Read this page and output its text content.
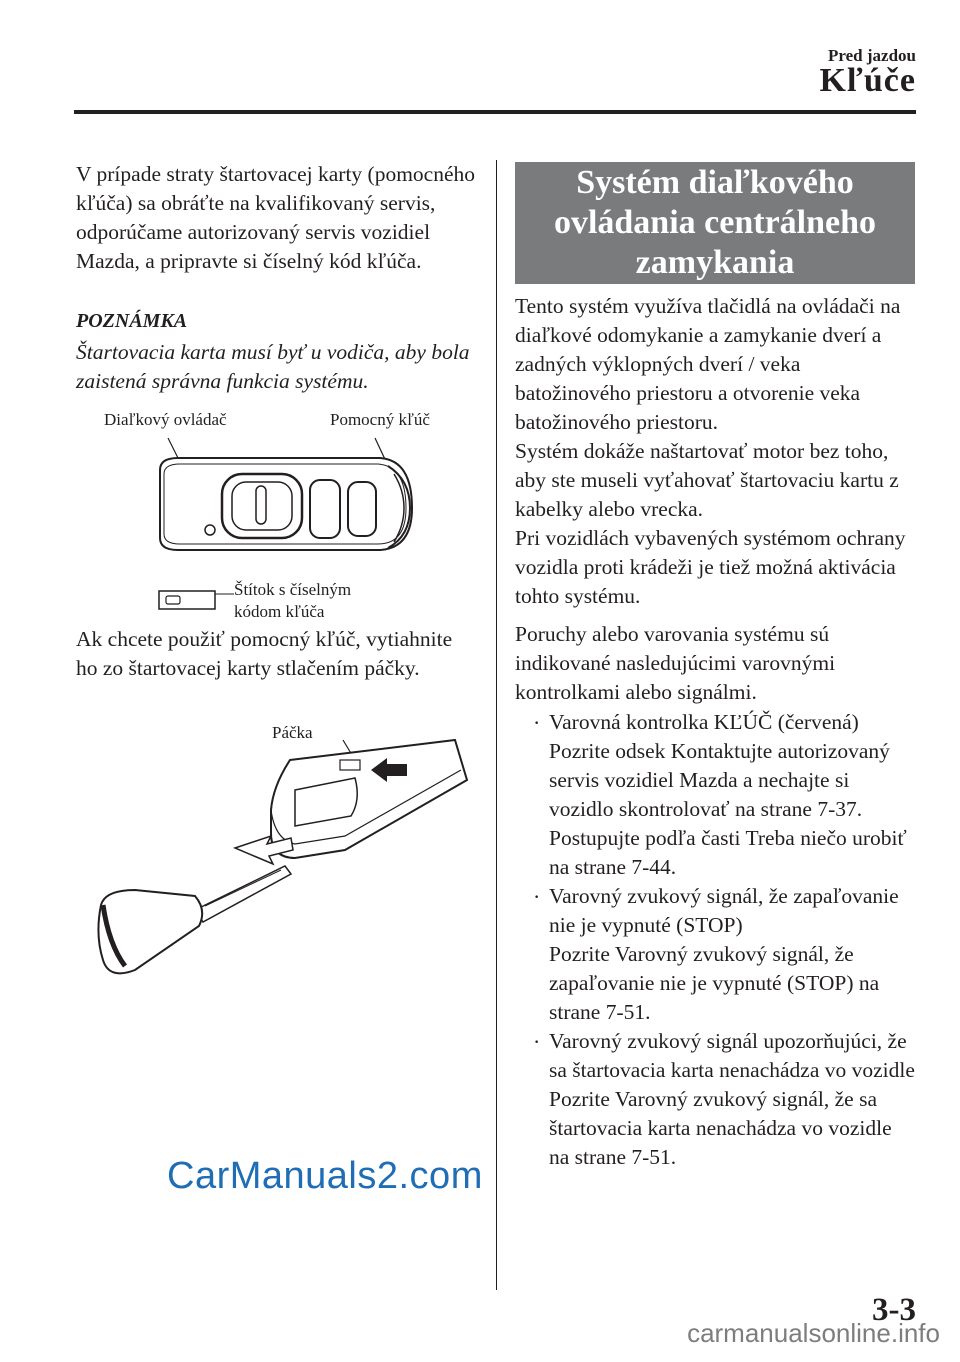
Pred jazdou
Kľúče

V prípade straty štartovacej karty (pomocného kľúča) sa obráťte na kvalifikovaný servis, odporúčame autorizovaný servis vozidiel Mazda, a pripravte si číselný kód kľúča.

POZNÁMKA
Štartovacia karta musí byť u vodiča, aby bola zaistená správna funkcia systému.
Diaľkový ovládač	Pomocný kľúč
Štítok s číselným
kódom kľúča

Ak chcete použiť pomocný kľúč, vytiahnite ho zo štartovacej karty stlačením páčky.

Páčka
Systém diaľkového ovládania centrálneho zamykania

Tento systém využíva tlačidlá na ovládači na diaľkové odomykanie a zamykanie dverí a zadných výklopných dverí / veka batožinového priestoru a otvorenie veka batožinového priestoru.

Systém dokáže naštartovať motor bez toho, aby ste museli vyťahovať štartovaciu kartu z kabelky alebo vrecka.

Pri vozidlách vybavených systémom ochrany vozidla proti krádeži je tiež možná aktivácia tohto systému.

Poruchy alebo varovania systému sú indikované nasledujúcimi varovnými kontrolkami alebo signálmi.

· Varovná kontrolka KĽÚČ (červená)

Pozrite odsek Kontaktujte autorizovaný servis vozidiel Mazda a nechajte si vozidlo skontrolovať na strane 7-37.

Postupujte podľa časti Treba niečo urobiť na strane 7-44.

· Varovný zvukový signál, že zapaľovanie nie je vypnuté (STOP)

Pozrite Varovný zvukový signál, že zapaľovanie nie je vypnuté (STOP) na strane 7-51.

· Varovný zvukový signál upozorňujúci, že sa štartovacia karta nenachádza vo vozidle

Pozrite Varovný zvukový signál, že sa štartovacia karta nenachádza vo vozidle na strane 7-51.

CarManuals2.com
3-3
carmanualsonline.info
